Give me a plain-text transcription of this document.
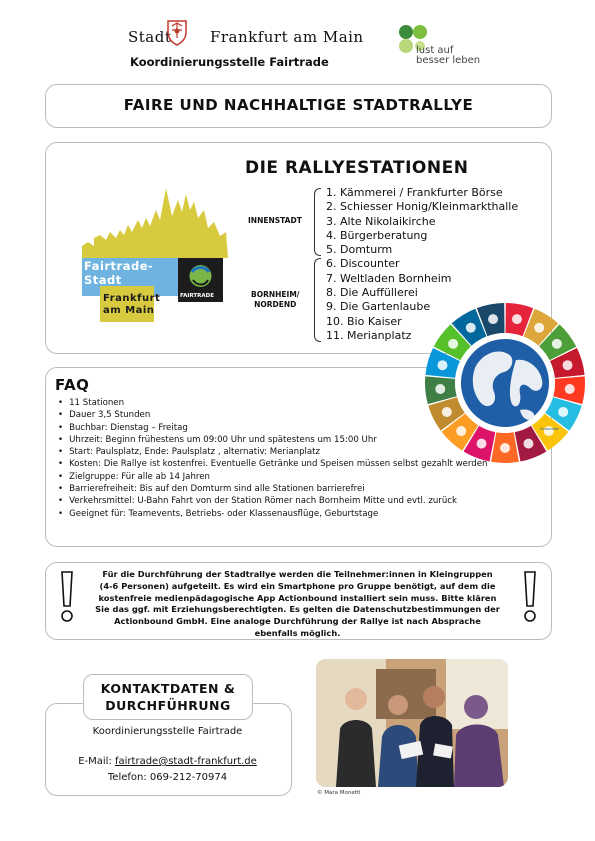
Stadt	Frankfurt am Main
Koordinierungsstelle Fairtrade
lust auf
besser leben
FAIRE UND NACHHALTIGE STADTRALLYE
Fairtrade-
Stadt
Frankfurt
am Main
FAIRTRADE
DIE RALLYESTATIONEN
INNENSTADT
BORNHEIM/
NORDEND
1. Kämmerei / Frankfurter Börse
2. Schiesser Honig/Kleinmarkthalle
3. Alte Nikolaikirche
4. Bürgerberatung
5. Domturm
6. Discounter
7. Weltladen Bornheim
8. Die Auffüllerei
9. Die Gartenlaube
10. Bio Kaiser
11. Merianplatz
FAQ
• 11 Stationen
• Dauer 3,5 Stunden
• Buchbar: Dienstag – Freitag
• Uhrzeit: Beginn frühestens um 09:00 Uhr und spätestens um 15:00 Uhr
• Start: Paulsplatz, Ende: Paulsplatz , alternativ: Merianplatz
• Kosten: Die Rallye ist kostenfrei. Eventuelle Getränke und Speisen müssen selbst gezahlt werden
• Zielgruppe: Für alle ab 14 Jahren
• Barrierefreiheit: Bis auf den Domturm sind alle Stationen barrierefrei
• Verkehrsmittel: U-Bahn Fahrt von der Station Römer nach Bornheim Mitte und evtl. zurück
• Geeignet für: Teamevents, Betriebs- oder Klassenausflüge, Geburtstage
Sustainable
Für die Durchführung der Stadtrallye werden die Teilnehmer:innen in Kleingruppen (4-6 Personen) aufgeteilt. Es wird ein Smartphone pro Gruppe benötigt, auf dem die kostenfreie medienpädagogische App Actionbound installiert sein muss. Bitte klären Sie das ggf. mit Erziehungsberechtigten. Es gelten die Datenschutzbestimmungen der Actionbound GmbH. Eine analoge Durchführung der Rallye ist nach Absprache ebenfalls möglich.
KONTAKTDATEN &
DURCHFÜHRUNG
Koordinierungsstelle Fairtrade
E-Mail: fairtrade@stadt-frankfurt.de
Telefon: 069-212-70974
© Mara Monetti
